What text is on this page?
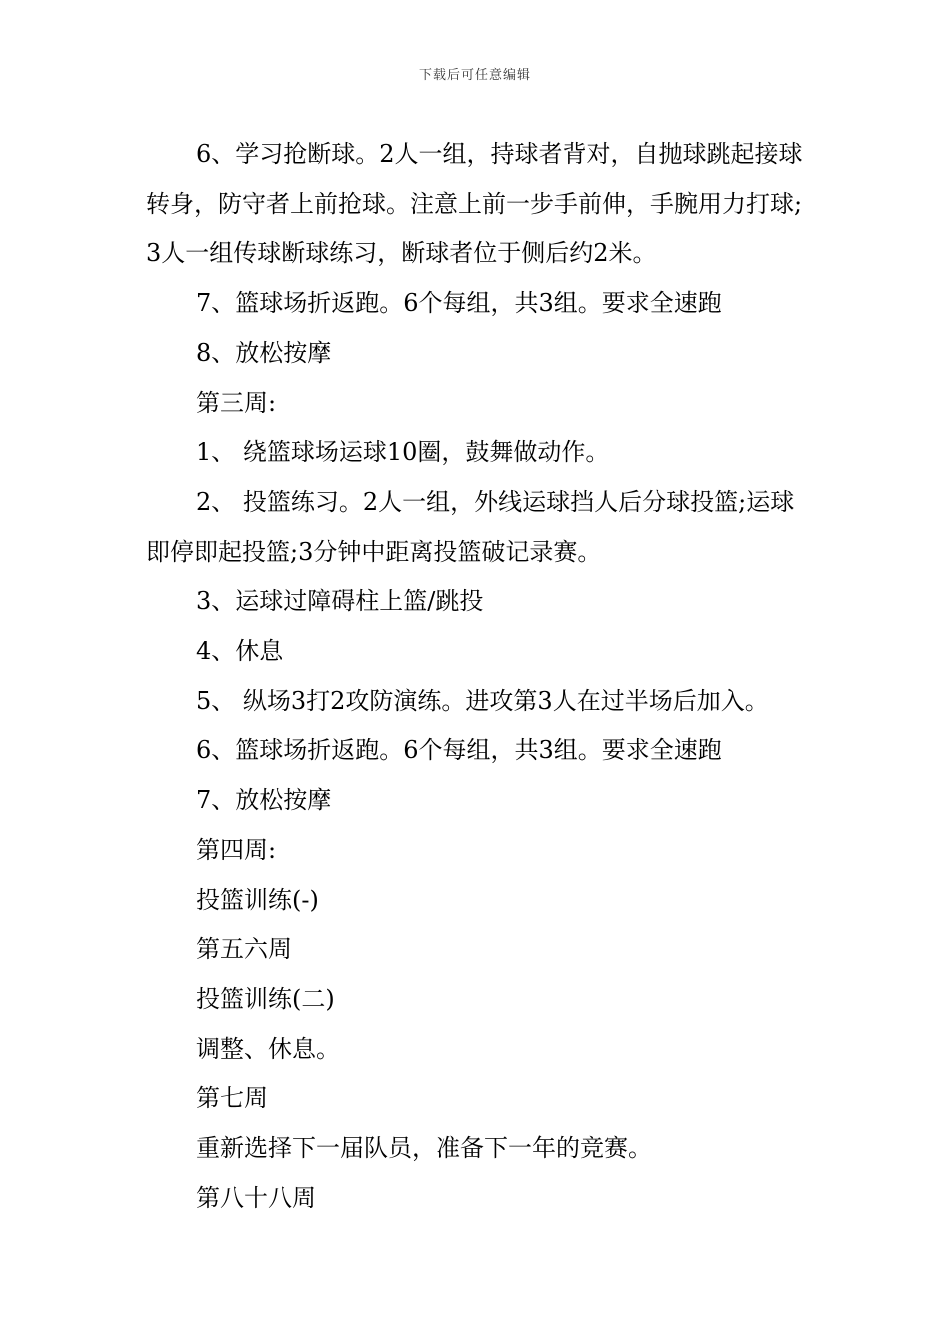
下载后可任意编辑

6、学习抢断球。2人一组，持球者背对，自抛球跳起接球转身，防守者上前抢球。注意上前一步手前伸，手腕用力打球;3人一组传球断球练习，断球者位于侧后约2米。

7、篮球场折返跑。6个每组，共3组。要求全速跑

8、放松按摩

第三周:

1、 绕篮球场运球10圈，鼓舞做动作。

2、 投篮练习。2人一组，外线运球挡人后分球投篮;运球即停即起投篮;3分钟中距离投篮破记录赛。

3、运球过障碍柱上篮/跳投

4、休息

5、 纵场3打2攻防演练。进攻第3人在过半场后加入。

6、篮球场折返跑。6个每组，共3组。要求全速跑

7、放松按摩

第四周:

投篮训练(-)

第五六周

投篮训练(二)

调整、休息。

第七周

重新选择下一届队员，准备下一年的竞赛。

第八十八周
